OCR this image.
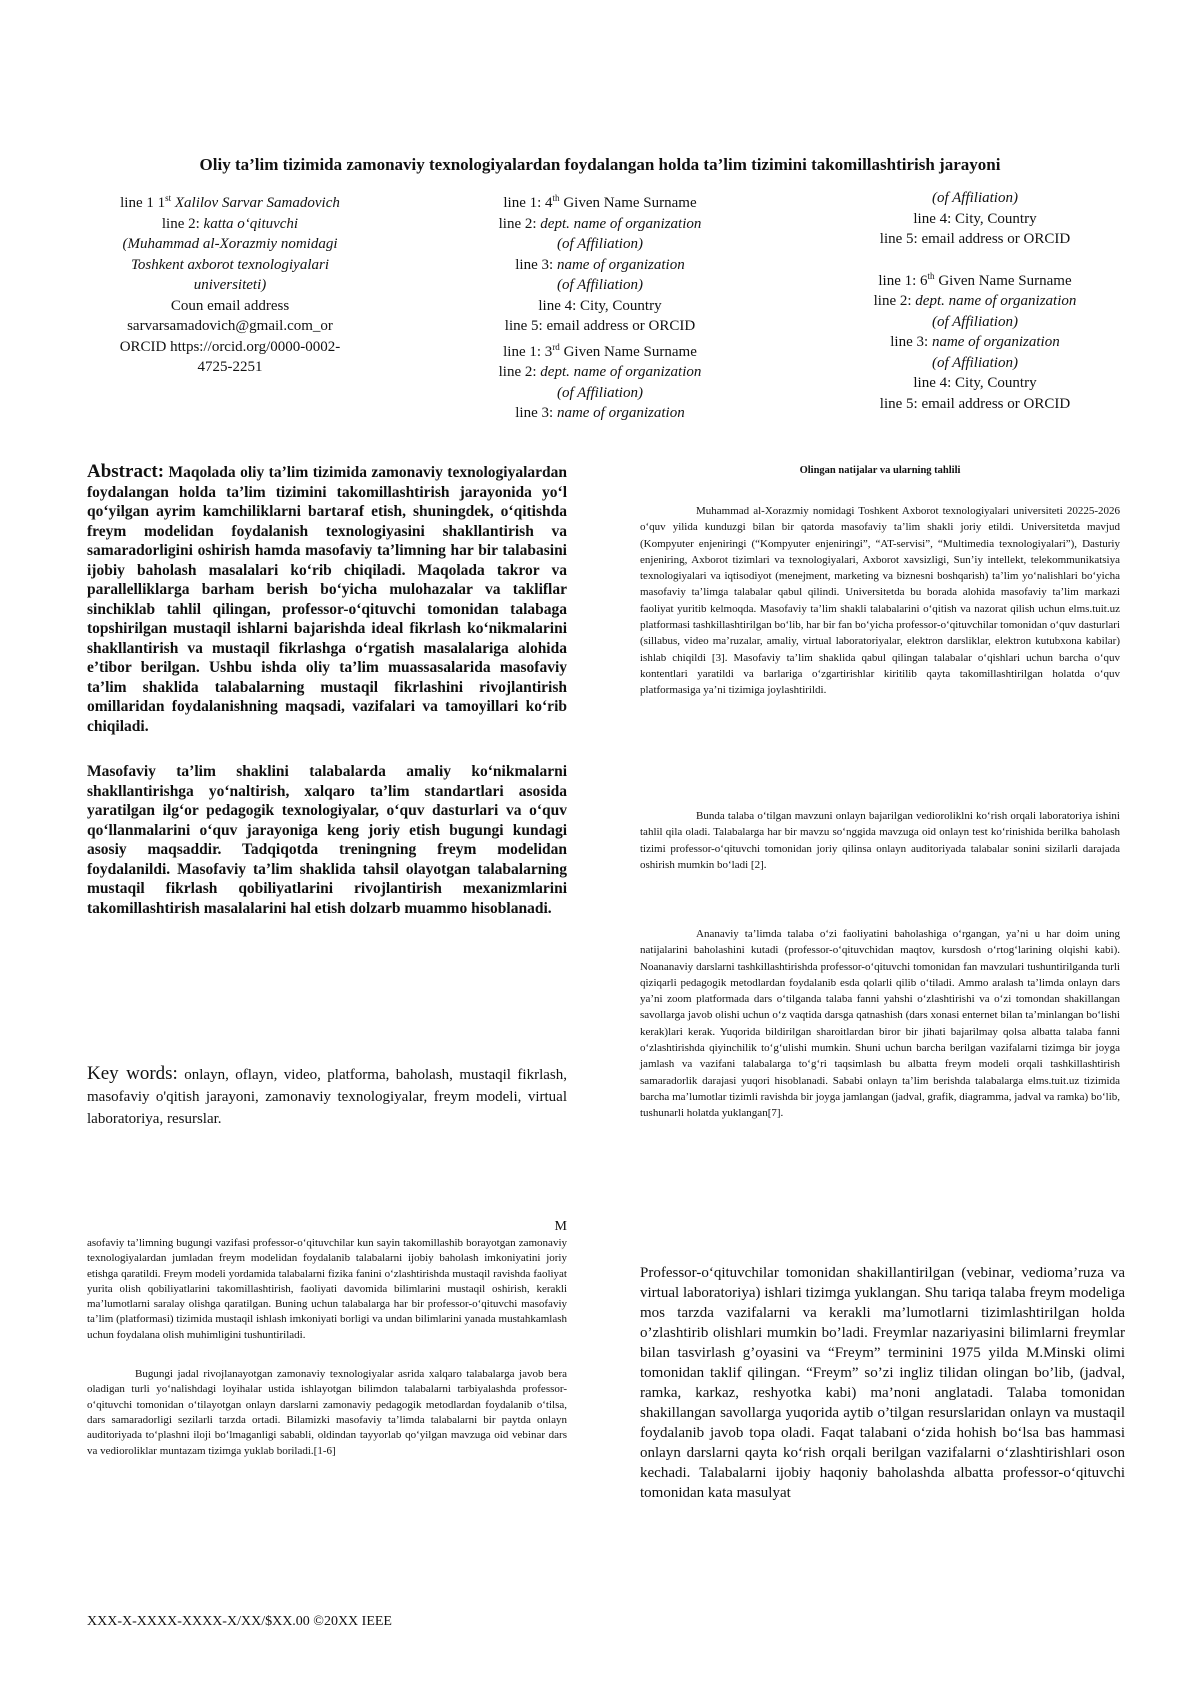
Oliy ta’lim tizimida zamonaviy texnologiyalardan foydalangan holda ta’lim tizimini takomillashtirish jarayoni
line 1 1st Xalilov Sarvar Samadovich
line 2: katta o‘qituvchi
(Muhammad al-Xorazmiy nomidagi
Toshkent axborot texnologiyalari
universiteti)
Coun email address
sarvarsamadovich@gmail.com_or
ORCID https://orcid.org/0000-0002-
4725-2251
line 1: 4th Given Name Surname
line 2: dept. name of organization
(of Affiliation)
line 3: name of organization
(of Affiliation)
line 4: City, Country
line 5: email address or ORCID
line 1: 3rd Given Name Surname
line 2: dept. name of organization
(of Affiliation)
line 3: name of organization
(of Affiliation)
line 4: City, Country
line 5: email address or ORCID
line 1: 6th Given Name Surname
line 2: dept. name of organization
(of Affiliation)
line 3: name of organization
(of Affiliation)
line 4: City, Country
line 5: email address or ORCID

Abstract: Maqolada oliy ta’lim tizimida zamonaviy texnologiyalardan foydalangan holda ta’lim tizimini takomillashtirish jarayonida yo‘l qo‘yilgan ayrim kamchiliklarni bartaraf etish, shuningdek, o‘qitishda freym modelidan foydalanish texnologiyasini shakllantirish va samaradorligini oshirish hamda masofaviy ta’limning har bir talabasini ijobiy baholash masalalari ko‘rib chiqiladi. Maqolada takror va parallelliklarga barham berish bo‘yicha mulohazalar va takliflar sinchiklab tahlil qilingan, professor-o‘qituvchi tomonidan talabaga topshirilgan mustaqil ishlarni bajarishda ideal fikrlash ko‘nikmalarini shakllantirish va mustaqil fikrlashga o‘rgatish masalalariga alohida e’tibor berilgan. Ushbu ishda oliy ta’lim muassasalarida masofaviy ta’lim shaklida talabalarning mustaqil fikrlashini rivojlantirish omillaridan foydalanishning maqsadi, vazifalari va tamoyillari ko‘rib chiqiladi.

Masofaviy ta’lim shaklini talabalarda amaliy ko‘nikmalarni shakllantirishga yo‘naltirish, xalqaro ta’lim standartlari asosida yaratilgan ilg‘or pedagogik texnologiyalar, o‘quv dasturlari va o‘quv qo‘llanmalarini o‘quv jarayoniga keng joriy etish bugungi kundagi asosiy maqsaddir. Tadqiqotda treningning freym modelidan foydalanildi. Masofaviy ta’lim shaklida tahsil olayotgan talabalarning mustaqil fikrlash qobiliyatlarini rivojlantirish mexanizmlarini takomillashtirish masalalarini hal etish dolzarb muammo hisoblanadi.

Key words: onlayn, oflayn, video, platforma, baholash, mustaqil fikrlash, masofaviy o'qitish jarayoni, zamonaviy texnologiyalar, freym modeli, virtual laboratoriya, resurslar.
M

asofaviy ta’limning bugungi vazifasi professor-o‘qituvchilar kun sayin takomillashib borayotgan zamonaviy texnologiyalardan jumladan freym modelidan foydalanib talabalarni ijobiy baholash imkoniyatini joriy etishga qaratildi. Freym modeli yordamida talabalarni fizika fanini o‘zlashtirishda mustaqil ravishda faoliyat yurita olish qobiliyatlarini takomillashtirish, faoliyati davomida bilimlarini mustaqil oshirish, kerakli ma’lumotlarni saralay olishga qaratilgan. Buning uchun talabalarga har bir professor-o‘qituvchi masofaviy ta’lim (platformasi) tizimida mustaqil ishlash imkoniyati borligi va undan bilimlarini yanada mustahkamlash uchun foydalana olish muhimligini tushuntiriladi.

Bugungi jadal rivojlanayotgan zamonaviy texnologiyalar asrida xalqaro talabalarga javob bera oladigan turli yo‘nalishdagi loyihalar ustida ishlayotgan bilimdon talabalarni tarbiyalashda professor-o‘qituvchi tomonidan o‘tilayotgan onlayn darslarni zamonaviy pedagogik metodlardan foydalanib o‘tilsa, dars samaradorligi sezilarli tarzda ortadi. Bilamizki masofaviy ta’limda talabalarni bir paytda onlayn auditoriyada to‘plashni iloji bo‘lmaganligi sababli, oldindan tayyorlab qo‘yilgan mavzuga oid vebinar dars va vedioroliklar muntazam tizimga yuklab boriladi.[1-6]

XXX-X-XXXX-XXXX-X/XX/$XX.00 ©20XX IEEE
Olingan natijalar va ularning tahlili

Muhammad al-Xorazmiy nomidagi Toshkent Axborot texnologiyalari universiteti 20225-2026 o‘quv yilida kunduzgi bilan bir qatorda masofaviy ta’lim shakli joriy etildi. Universitetda mavjud (Kompyuter enjeniringi (“Kompyuter enjeniringi”, “AT-servisi”, “Multimedia texnologiyalari”), Dasturiy enjeniring, Axborot tizimlari va texnologiyalari, Axborot xavsizligi, Sun’iy intellekt, telekommunikatsiya texnologiyalari va iqtisodiyot (menejment, marketing va biznesni boshqarish) ta’lim yo‘nalishlari bo‘yicha masofaviy ta’limga talabalar qabul qilindi. Universitetda bu borada alohida masofaviy ta’lim markazi faoliyat yuritib kelmoqda. Masofaviy ta’lim shakli talabalarini o‘qitish va nazorat qilish uchun elms.tuit.uz platformasi tashkillashtirilgan bo‘lib, har bir fan bo‘yicha professor-o‘qituvchilar tomonidan o‘quv dasturlari (sillabus, video ma’ruzalar, amaliy, virtual laboratoriyalar, elektron darsliklar, elektron kutubxona kabilar) ishlab chiqildi [3]. Masofaviy ta’lim shaklida qabul qilingan talabalar o‘qishlari uchun barcha o‘quv kontentlari yaratildi va barlariga o‘zgartirishlar kiritilib qayta takomillashtirilgan holatda o‘quv platformasiga ya’ni tizimiga joylashtirildi.

Bunda talaba o‘tilgan mavzuni onlayn bajarilgan vedioroliklni ko‘rish orqali laboratoriya ishini tahlil qila oladi. Talabalarga har bir mavzu so‘nggida mavzuga oid onlayn test ko‘rinishida berilka baholash tizimi professor-o‘qituvchi tomonidan joriy qilinsa onlayn auditoriyada talabalar sonini sizilarli darajada oshirish mumkin bo‘ladi [2].

Ananaviy ta’limda talaba o‘zi faoliyatini baholashiga o‘rgangan, ya’ni u har doim uning natijalarini baholashini kutadi (professor-o‘qituvchidan maqtov, kursdosh o‘rtog‘larining olqishi kabi). Noananaviy darslarni tashkillashtirishda professor-o‘qituvchi tomonidan fan mavzulari tushuntirilganda turli qiziqarli pedagogik metodlardan foydalanib esda qolarli qilib o‘tiladi. Ammo aralash ta’limda onlayn dars ya’ni zoom platformada dars o‘tilganda talaba fanni yahshi o‘zlashtirishi va o‘zi tomondan shakillangan savollarga javob olishi uchun o‘z vaqtida darsga qatnashish (dars xonasi enternet bilan ta’minlangan bo‘lishi kerak)lari kerak. Yuqorida bildirilgan sharoitlardan biror bir jihati bajarilmay qolsa albatta talaba fanni o‘zlashtirishda qiyinchilik to‘g‘ulishi mumkin. Shuni uchun barcha berilgan vazifalarni tizimga bir joyga jamlash va vazifani talabalarga to‘g‘ri taqsimlash bu albatta freym modeli orqali tashkillashtirish samaradorlik darajasi yuqori hisoblanadi. Sababi onlayn ta’lim berishda talabalarga elms.tuit.uz tizimida barcha ma’lumotlar tizimli ravishda bir joyga jamlangan (jadval, grafik, diagramma, jadval va ramka) bo‘lib, tushunarli holatda yuklangan[7].

Professor-o‘qituvchilar tomonidan shakillantirilgan (vebinar, vedioma’ruza va virtual laboratoriya) ishlari tizimga yuklangan. Shu tariqa talaba freym modeliga mos tarzda vazifalarni va kerakli ma’lumotlarni tizimlashtirilgan holda o’zlashtirib olishlari mumkin bo’ladi. Freymlar nazariyasini bilimlarni freymlar bilan tasvirlash g’oyasini va “Freym” terminini 1975 yilda M.Minski olimi tomonidan taklif qilingan. “Freym” so’zi ingliz tilidan olingan bo’lib, (jadval, ramka, karkaz, reshyotka kabi) ma’noni anglatadi. Talaba tomonidan shakillangan savollarga yuqorida aytib o’tilgan resurslaridan onlayn va mustaqil foydalanib javob topa oladi. Faqat talabani o‘zida hohish bo‘lsa bas hammasi onlayn darslarni qayta ko‘rish orqali berilgan vazifalarni o‘zlashtirishlari oson kechadi. Talabalarni ijobiy haqoniy baholashda albatta professor-o‘qituvchi tomonidan kata masulyat
